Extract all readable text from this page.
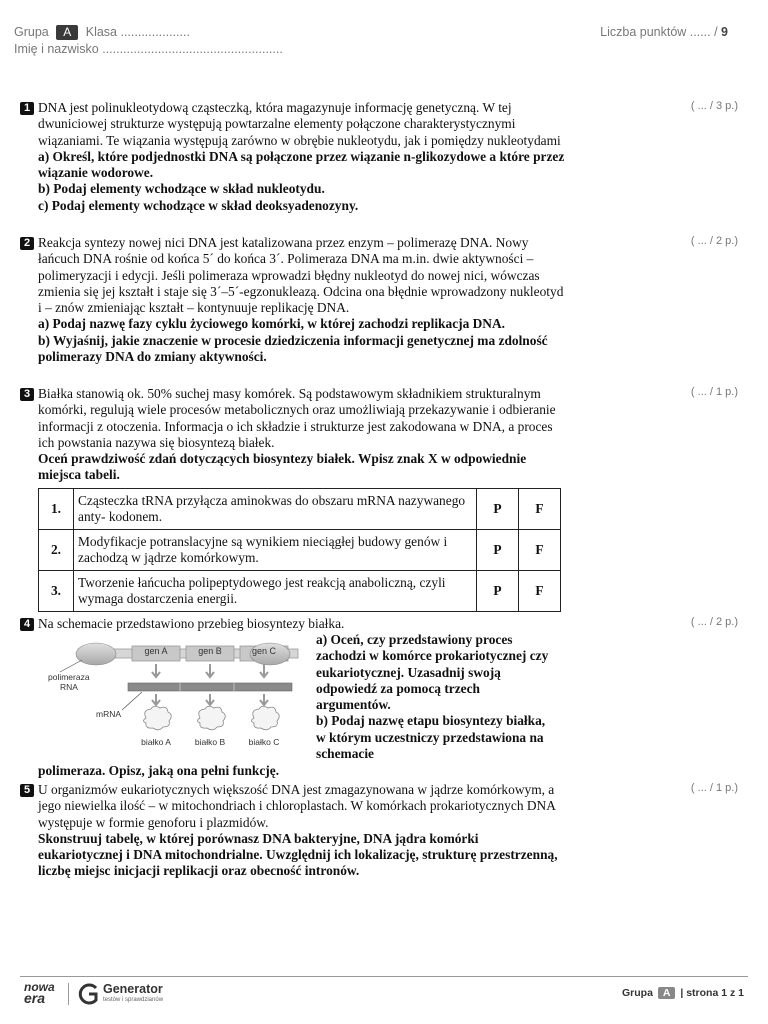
Grupa A Klasa ....................
Imię i nazwisko ....................................................
Liczba punktów ...... / 9
1 DNA jest polinukleotydową cząsteczką, która magazynuje informację genetyczną. W tej dwuniciowej strukturze występują powtarzalne elementy połączone charakterystycznymi wiązaniami. Te wiązania występują zarówno w obrębie nukleotydu, jak i pomiędzy nukleotydami
a) Określ, które podjednostki DNA są połączone przez wiązanie n-glikozydowe a które przez wiązanie wodorowe.
b) Podaj elementy wchodzące w skład nukleotydu.
c) Podaj elementy wchodzące w skład deoksyadenozyny.
( ... / 3 p.)
2 Reakcja syntezy nowej nici DNA jest katalizowana przez enzym – polimerazę DNA. Nowy łańcuch DNA rośnie od końca 5´ do końca 3´. Polimeraza DNA ma m.in. dwie aktywności – polimeryzacji i edycji. Jeśli polimeraza wprowadzi błędny nukleotyd do nowej nici, wówczas zmienia się jej kształt i staje się 3´–5´-egzonukleazą. Odcina ona błędnie wprowadzony nukleotyd i – znów zmieniając kształt – kontynuuje replikację DNA.
a) Podaj nazwę fazy cyklu życiowego komórki, w której zachodzi replikacja DNA.
b) Wyjaśnij, jakie znaczenie w procesie dziedziczenia informacji genetycznej ma zdolność polimerazy DNA do zmiany aktywności.
( ... / 2 p.)
3 Białka stanowią ok. 50% suchej masy komórek. Są podstawowym składnikiem strukturalnym komórki, regulują wiele procesów metabolicznych oraz umożliwiają przekazywanie i odbieranie informacji z otoczenia. Informacja o ich składzie i strukturze jest zakodowana w DNA, a proces ich powstania nazywa się biosyntezą białek.
Oceń prawdziwość zdań dotyczących biosyntezy białek. Wpisz znak X w odpowiednie miejsca tabeli.
( ... / 1 p.)
1.	Cząsteczka tRNA przyłącza aminokwas do obszaru mRNA nazywanego anty- kodonem.	P	F
2.	Modyfikacje potranslacyjne są wynikiem nieciągłej budowy genów i zachodzą w jądrze komórkowym.	P	F
3.	Tworzenie łańcucha polipeptydowego jest reakcją anaboliczną, czyli wymaga dostarczenia energii.	P	F
4 Na schemacie przedstawiono przebieg biosyntezy białka.	( ... / 2 p.)
a) Oceń, czy przedstawiony proces zachodzi w komórce prokariotycznej czy eukariotycznej. Uzasadnij swoją odpowiedź za pomocą trzech argumentów.
b) Podaj nazwę etapu biosyntezy białka, w którym uczestniczy przedstawiona na schemacie
polimeraza. Opisz, jaką ona pełni funkcję.
gen A	gen B	gen C
polimeraza RNA
mRNA
białko A	białko B	białko C
5 U organizmów eukariotycznych większość DNA jest zmagazynowana w jądrze komórkowym, a jego niewielka ilość – w mitochondriach i chloroplastach. W komórkach prokariotycznych DNA występuje w formie genoforu i plazmidów.
Skonstruuj tabelę, w której porównasz DNA bakteryjne, DNA jądra komórki eukariotycznej i DNA mitochondrialne. Uwzględnij ich lokalizację, strukturę przestrzenną, liczbę miejsc inicjacji replikacji oraz obecność intronów.
( ... / 1 p.)
nowa
era
Generator
testów i sprawdzianów
Grupa A | strona 1 z 1
